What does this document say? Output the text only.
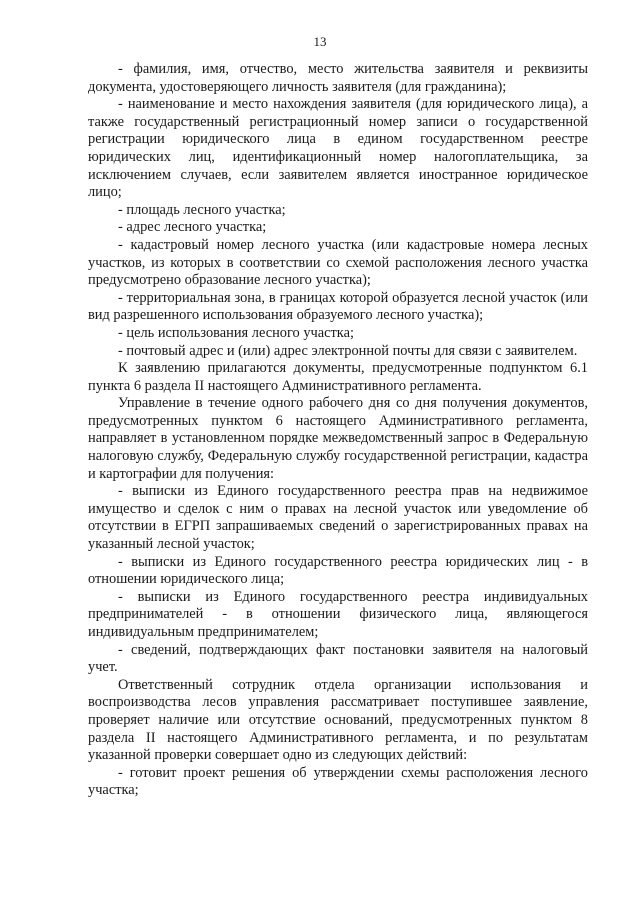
13

- фамилия, имя, отчество, место жительства заявителя и реквизиты документа, удостоверяющего личность заявителя (для гражданина);

- наименование и место нахождения заявителя (для юридического лица), а также государственный регистрационный номер записи о государственной регистрации юридического лица в едином государственном реестре юридических лиц, идентификационный номер налогоплательщика, за исключением случаев, если заявителем является иностранное юридическое лицо;

- площадь лесного участка;

- адрес лесного участка;

- кадастровый номер лесного участка (или кадастровые номера лесных участков, из которых в соответствии со схемой расположения лесного участка предусмотрено образование лесного участка);

- территориальная зона, в границах которой образуется лесной участок (или вид разрешенного использования образуемого лесного участка);

- цель использования лесного участка;

- почтовый адрес и (или) адрес электронной почты для связи с заявителем.

К заявлению прилагаются документы, предусмотренные подпунктом 6.1 пункта 6 раздела II настоящего Административного регламента.

Управление в течение одного рабочего дня со дня получения документов, предусмотренных пунктом 6 настоящего Административного регламента, направляет в установленном порядке межведомственный запрос в Федеральную налоговую службу, Федеральную службу государственной регистрации, кадастра и картографии для получения:

- выписки из Единого государственного реестра прав на недвижимое имущество и сделок с ним о правах на лесной участок или уведомление об отсутствии в ЕГРП запрашиваемых сведений о зарегистрированных правах на указанный лесной участок;

- выписки из Единого государственного реестра юридических лиц - в отношении юридического лица;

- выписки из Единого государственного реестра индивидуальных предпринимателей - в отношении физического лица, являющегося индивидуальным предпринимателем;

- сведений, подтверждающих факт постановки заявителя на налоговый учет.

Ответственный сотрудник отдела организации использования и воспроизводства лесов управления рассматривает поступившее заявление, проверяет наличие или отсутствие оснований, предусмотренных пунктом 8 раздела II настоящего Административного регламента, и по результатам указанной проверки совершает одно из следующих действий:

- готовит проект решения об утверждении схемы расположения лесного участка;
